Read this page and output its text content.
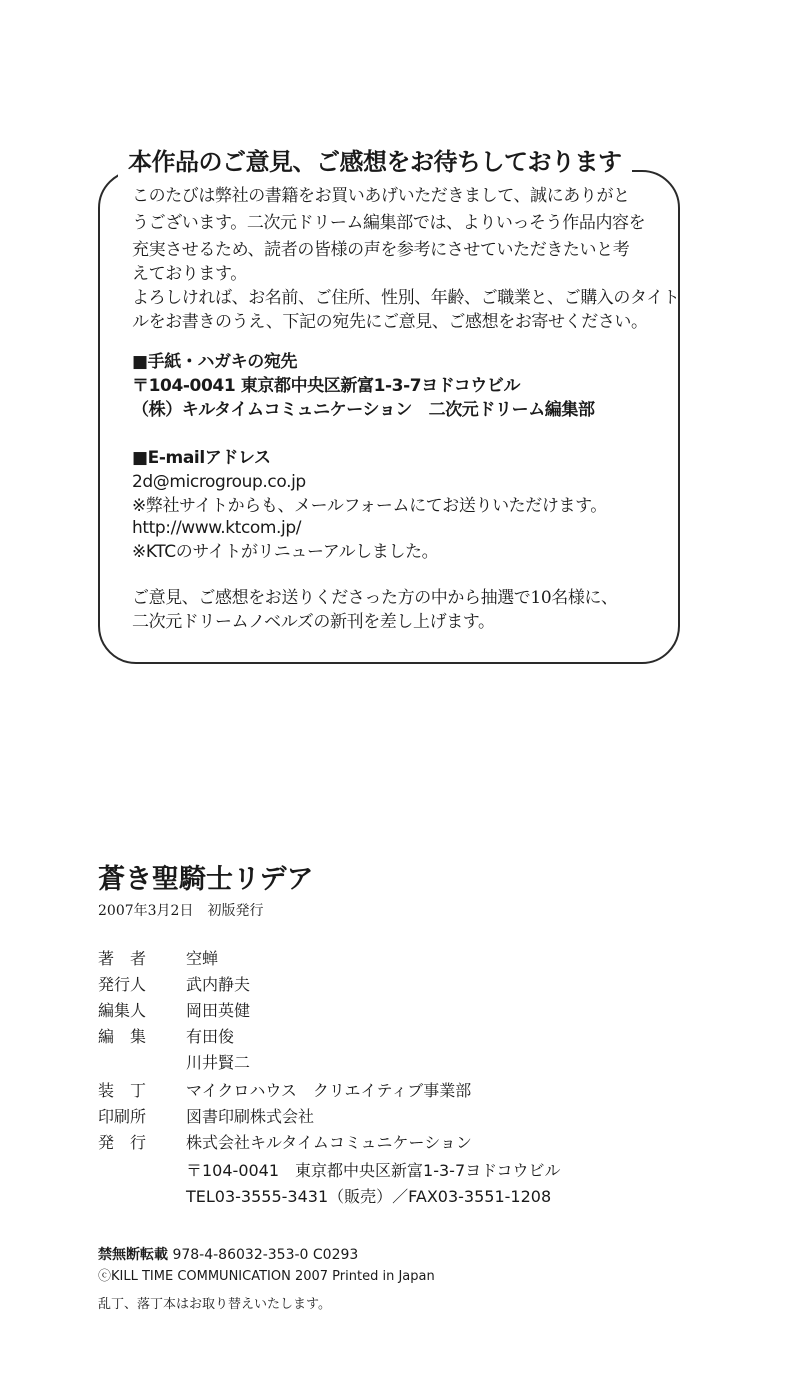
本作品のご意見、ご感想をお待ちしております
このたびは弊社の書籍をお買いあげいただきまして、誠にありがと
うございます。二次元ドリーム編集部では、よりいっそう作品内容を
充実させるため、読者の皆様の声を参考にさせていただきたいと考
えております。
よろしければ、お名前、ご住所、性別、年齢、ご職業と、ご購入のタイト
ルをお書きのうえ、下記の宛先にご意見、ご感想をお寄せください。
■手紙・ハガキの宛先
〒104-0041 東京都中央区新富1-3-7ヨドコウビル
（株）キルタイムコミュニケーション　二次元ドリーム編集部
■E-mailアドレス
2d@microgroup.co.jp
※弊社サイトからも、メールフォームにてお送りいただけます。
http://www.ktcom.jp/
※KTCのサイトがリニューアルしました。
ご意見、ご感想をお送りくださった方の中から抽選で10名様に、
二次元ドリームノベルズの新刊を差し上げます。
蒼き聖騎士リデア
2007年3月2日　初版発行
著　者 空蝉
発行人 武内静夫
編集人 岡田英健
編　集 有田俊
川井賢二
装　丁 マイクロハウス　クリエイティブ事業部
印刷所 図書印刷株式会社
発　行 株式会社キルタイムコミュニケーション
〒104-0041　東京都中央区新富1-3-7ヨドコウビル
TEL03-3555-3431（販売）／FAX03-3551-1208
禁無断転載 978-4-86032-353-0 C0293
ⓒKILL TIME COMMUNICATION 2007 Printed in Japan
乱丁、落丁本はお取り替えいたします。
